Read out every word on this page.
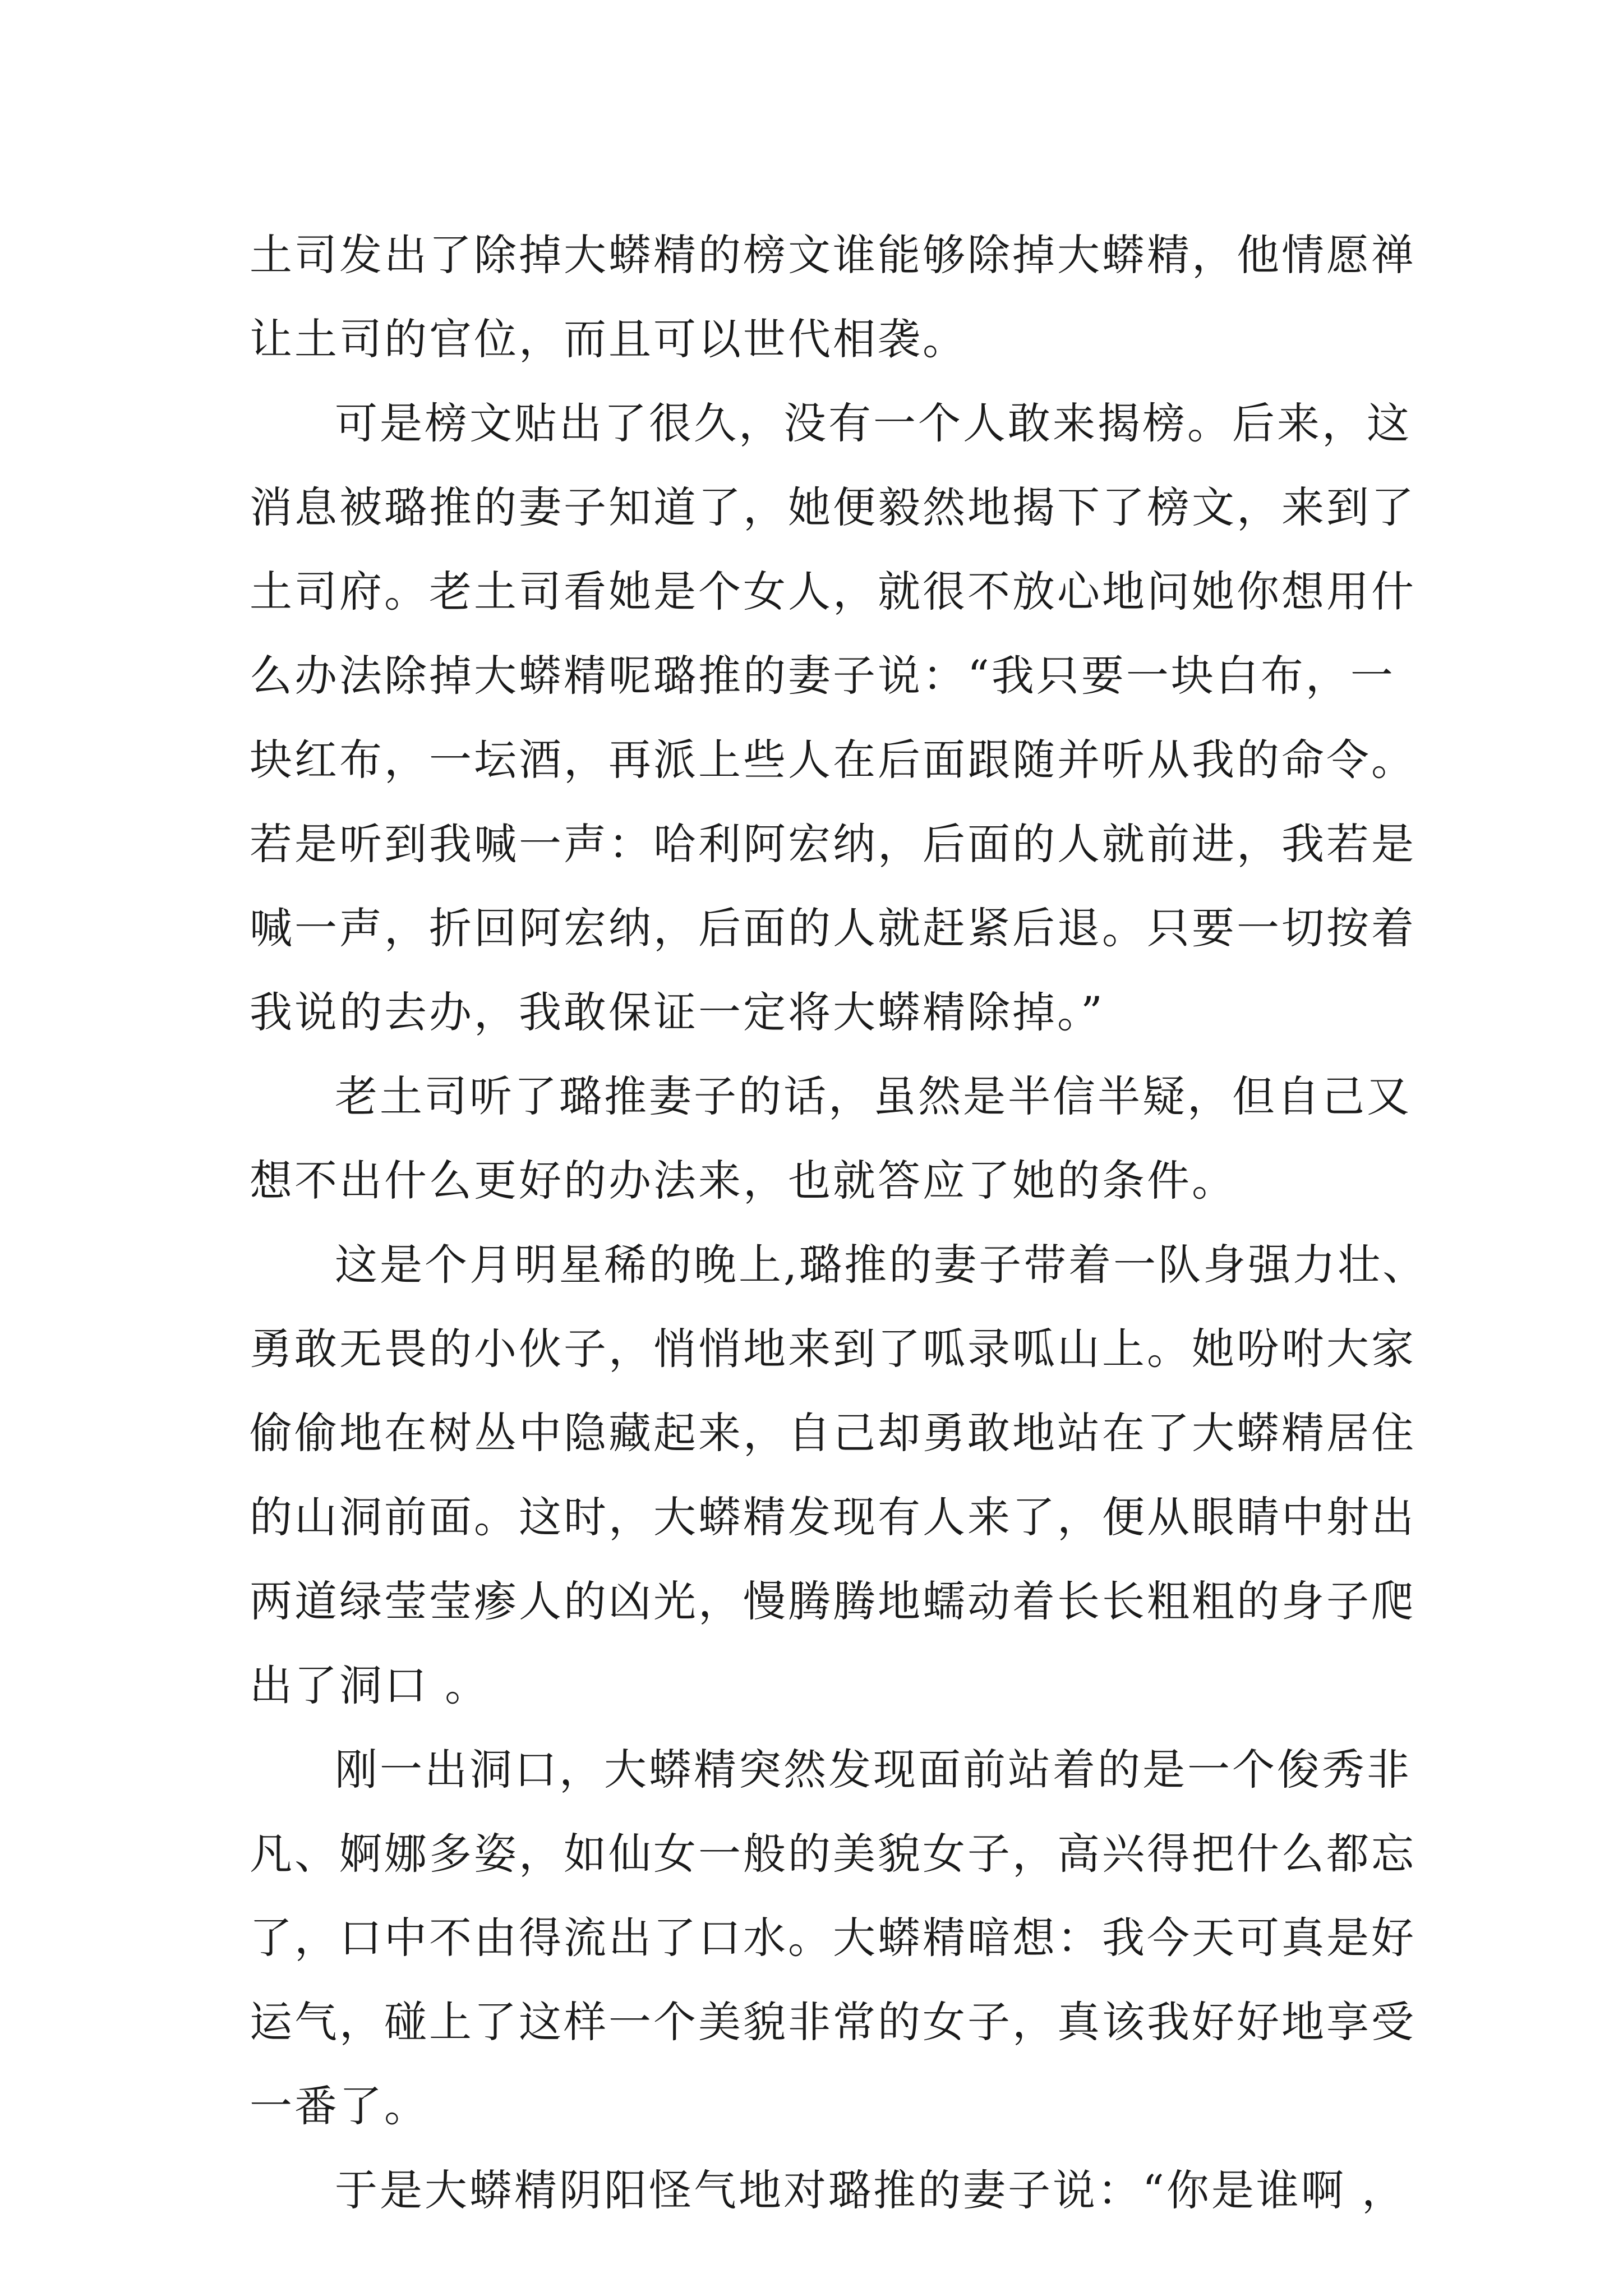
土司发出了除掉大蟒精的榜文谁能够除掉大蟒精，他情愿禅
让土司的官位，而且可以世代相袭。
可是榜文贴出了很久，没有一个人敢来揭榜。后来，这
消息被璐推的妻子知道了，她便毅然地揭下了榜文，来到了
土司府。老土司看她是个女人，就很不放心地问她你想用什
么办法除掉大蟒精呢璐推的妻子说：“我只要一块白布，一
块红布，一坛酒，再派上些人在后面跟随并听从我的命令。
若是听到我喊一声：哈利阿宏纳，后面的人就前进，我若是
喊一声，折回阿宏纳，后面的人就赶紧后退。只要一切按着
我说的去办，我敢保证一定将大蟒精除掉。”
老土司听了璐推妻子的话，虽然是半信半疑，但自己又
想不出什么更好的办法来，也就答应了她的条件。
这是个月明星稀的晚上,璐推的妻子带着一队身强力壮、
勇敢无畏的小伙子，悄悄地来到了呱录呱山上。她吩咐大家
偷偷地在树丛中隐藏起来，自己却勇敢地站在了大蟒精居住
的山洞前面。这时，大蟒精发现有人来了，便从眼睛中射出
两道绿莹莹瘆人的凶光，慢腾腾地蠕动着长长粗粗的身子爬
出了洞口 。
刚一出洞口，大蟒精突然发现面前站着的是一个俊秀非
凡、婀娜多姿，如仙女一般的美貌女子，高兴得把什么都忘
了，口中不由得流出了口水。大蟒精暗想：我今天可真是好
运气，碰上了这样一个美貌非常的女子，真该我好好地享受
一番了。
于是大蟒精阴阳怪气地对璐推的妻子说：“你是谁啊 ，
